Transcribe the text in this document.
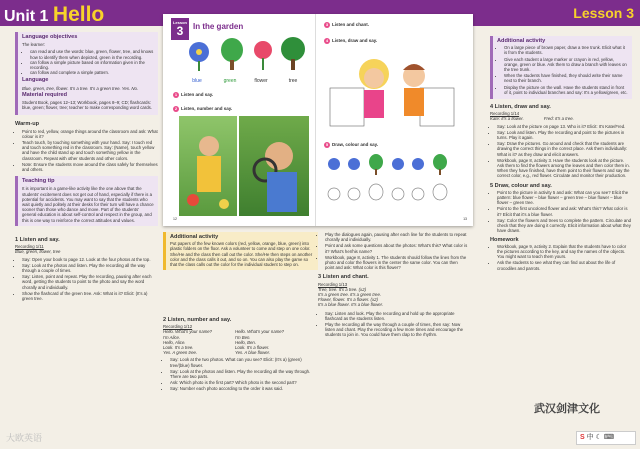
Unit 1 Hello	Lesson 3

Language objectives

The learner:

• can read and use the words: blue, green, flower, tree, and knows how to identify them when depicted, green in the recording.
• can follow a simple picture based on information given in the recording.
• can follow and complete a simple pattern.

Language

Blue, green, tree, flower. It's a tree. It's a green tree. Yes. No.

Material required

Student Book, pages 12–13; Workbook, pages 8–9; CD; flashcards: blue, green; flower, tree; teacher to make corresponding word cards.

Warm-up

• Point to red, yellow, orange things around the classroom and ask: What colour is it?
• Teach touch, by touching something with your hand. Say: I touch red and touch something red in the classroom. Say: (Name), touch yellow and have the child stand up and touch something yellow in the classroom. Repeat with other students and other colors.
• Note: Ensure the students move around the class safely for themselves and others.

Teaching tip

It is important in a game-like activity like the one above that the students' excitement does not get out of hand, especially if there is a potential for accidents. You may want to say that the students who wait quietly and politely at their desks for their turn will have a chance sooner than those who dance and move. Part of the students' general education is about self-control and respect in the group, and this is one way to reinforce the correct attitudes and values.

1 Listen and say.

Recording 1/11
Blue, green, flower, tree
• Say: Open your book to page 12. Look at the four photos at the top.
• Say: Look at the photos and listen. Play the recording all the way through a couple of times.
• Say: Listen, point and repeat. Play the recording, pausing after each word, getting the students to point to the photo and say the word chorally and individually.
• Show the flashcard of the green tree. Ask: What is it? Elicit: (It's a) green tree.
Lesson
3	In the garden
blue	green	flower	tree
1 Listen and say.
2 Listen, number and say.
12
3 Listen and chant.
4 Listen, draw and say.
5 Draw, colour and say.
13

Additional activity

Put papers of the few known colors (red, yellow, orange, blue, green) into plastic folders on the floor. Ask a volunteer to come and step on one color. She/He and the class then call out the color. She/He then steps on another color and the class calls it out, and so on. You can also play the game so that the class calls out the color for the individual student to step on.

2 Listen, number and say.

Recording 1/12
Hello. What's your name?
I'm Alice.
Hello, Alice.
Look. It's a tree.
Yes. A green tree.
Hello. What's your name?
I'm Ben.
Hello, Ben.
Look. It's a flower.
Yes. A blue flower.
• Say: Look at the two photos. What can you see? Elicit: (It's a) (green) tree/(blue) flower.
• Say: Look at the photos and listen. Play the recording all the way through. There are two parts.
• Ask: Which photo is the first part? Which photo is the second part?
• Say: Number each photo according to the order it was said.
• Play the dialogues again, pausing after each line for the students to repeat chorally and individually.
• Point and ask some questions about the photos: What's this? What color is it? What's her/his name?
• Workbook, page 8, activity 1. The students should follow the lines from the photo and color the flowers in the center the same color. You can then point and ask: What color is this flower?

3 Listen and chant.

Recording 1/13
Tree, tree. It's a tree. (x2)
It's a green tree. It's a green tree.
Flower, flower. It's a flower. (x2)
It's a blue flower. It's a blue flower.
• Say: Listen and look. Play the recording and hold up the appropriate flashcard as the students listen.
• Play the recording all the way through a couple of times, then say: Now listen and chant. Play the recording a few more times and encourage the students to join in. You could have them clap to the rhythm.

Additional activity

• On a large piece of brown paper, draw a tree trunk. Elicit what it is from the students.
• Give each student a large marker or crayon in red, yellow, orange, green or blue. Ask them to draw a branch with leaves on the tree trunk.
• When the students have finished, they should write their name next to their branch.
• Display the picture on the wall. Have the students stand in front of it, point to individual branches and say: It's a yellow/green, etc.

4 Listen, draw and say.

Recording 1/14
Kate: It's a flower.	Fred: It's a tree.
• Say: Look at the picture on page 13. Who is it? Elicit: It's Kate/Fred.
• Say: Look and listen. Play the recording and point to the pictures in turns. Play it again.
• Say: Draw the pictures. Go around and check that the students are drawing the correct things in the correct place. Ask them individually: What is it? as they draw and elicit answers.
• Workbook, page 8, activity 3. Have the students look at the picture. Ask them to find the flowers among the leaves and then color them in. When they have finished, have them point to their flowers and say the correct color, e.g., red flower. Circulate and monitor their production.

5 Draw, colour and say.

• Point to the picture in activity 5 and ask: What can you see? Elicit the pattern: blue flower – blue flower – green tree – blue flower – blue flower – green tree.
• Point to the first uncolored flower and ask: What's this? What color is it? Elicit that it's a blue flower.
• Say: Color the flowers and trees to complete the pattern. Circulate and check that they are doing it correctly. Elicit information about what they have drawn.

Homework

• Workbook, page 9, activity 2. Explain that the students have to color the pictures according to the key, and say the names of the objects. You might want to teach them yours.
• Ask the students to see what they can find out about the life of crocodiles and parrots.
武汉剑津文化
大欧英语	S 中 ☾ ⌨
